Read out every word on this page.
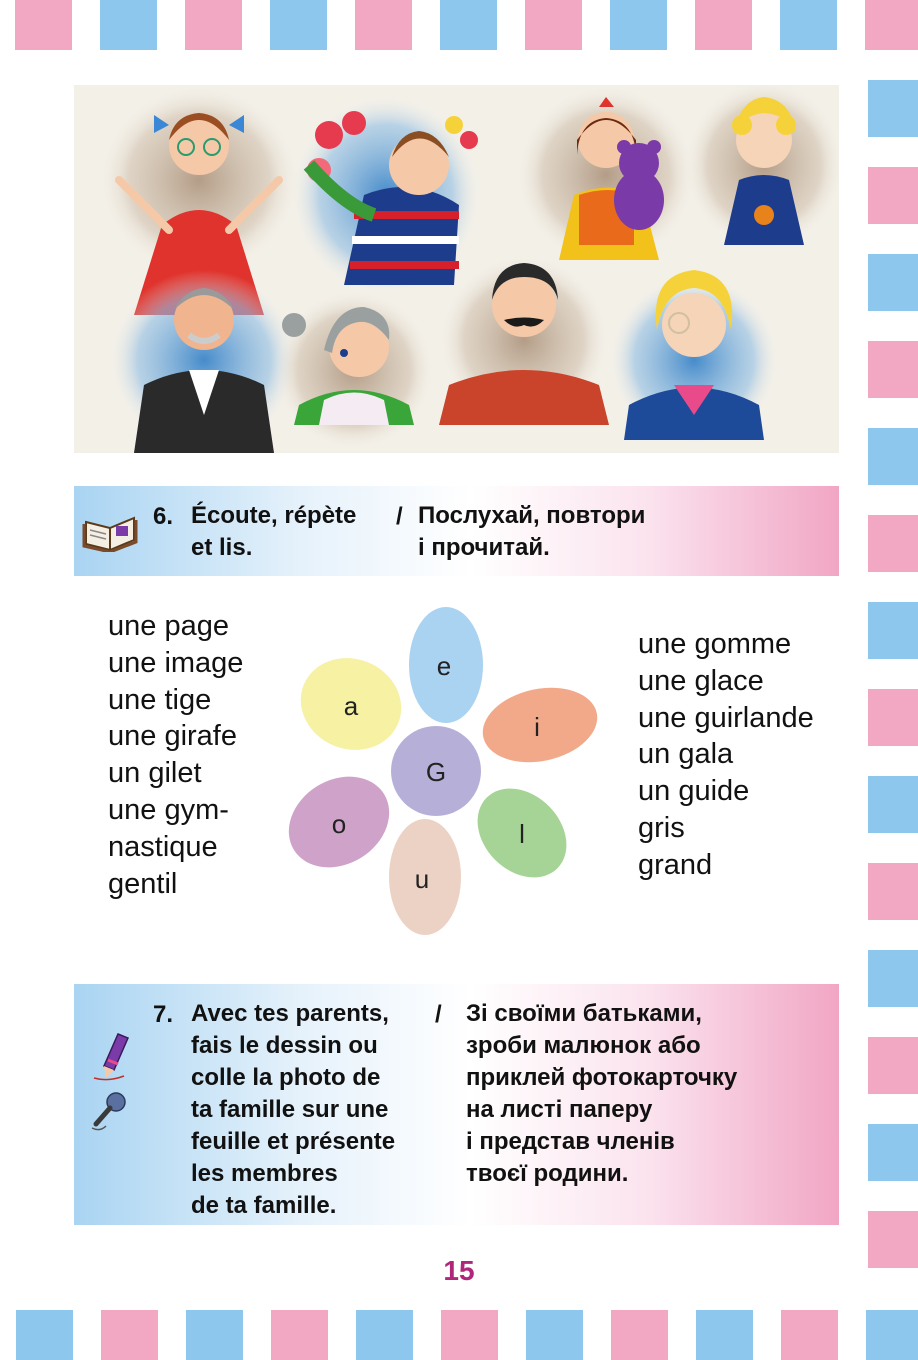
6. Écoute, répète
et lis.
/ Послухай, повтори
і прочитай.
une page
une image
une tige
une girafe
un gilet
une gym-
nastique
gentil
une gomme
une glace
une guirlande
un gala
un guide
gris
grand
e
i
l
u
o
a
G
7.	/
Avec tes parents,
fais le dessin ou
colle la photo de
ta famille sur une
feuille et présente
les membres
de ta famille.
Зі своїми батьками,
зроби малюнок або
приклей фотокарточку
на листі паперу
і представ членів
твоєї родини.
15
